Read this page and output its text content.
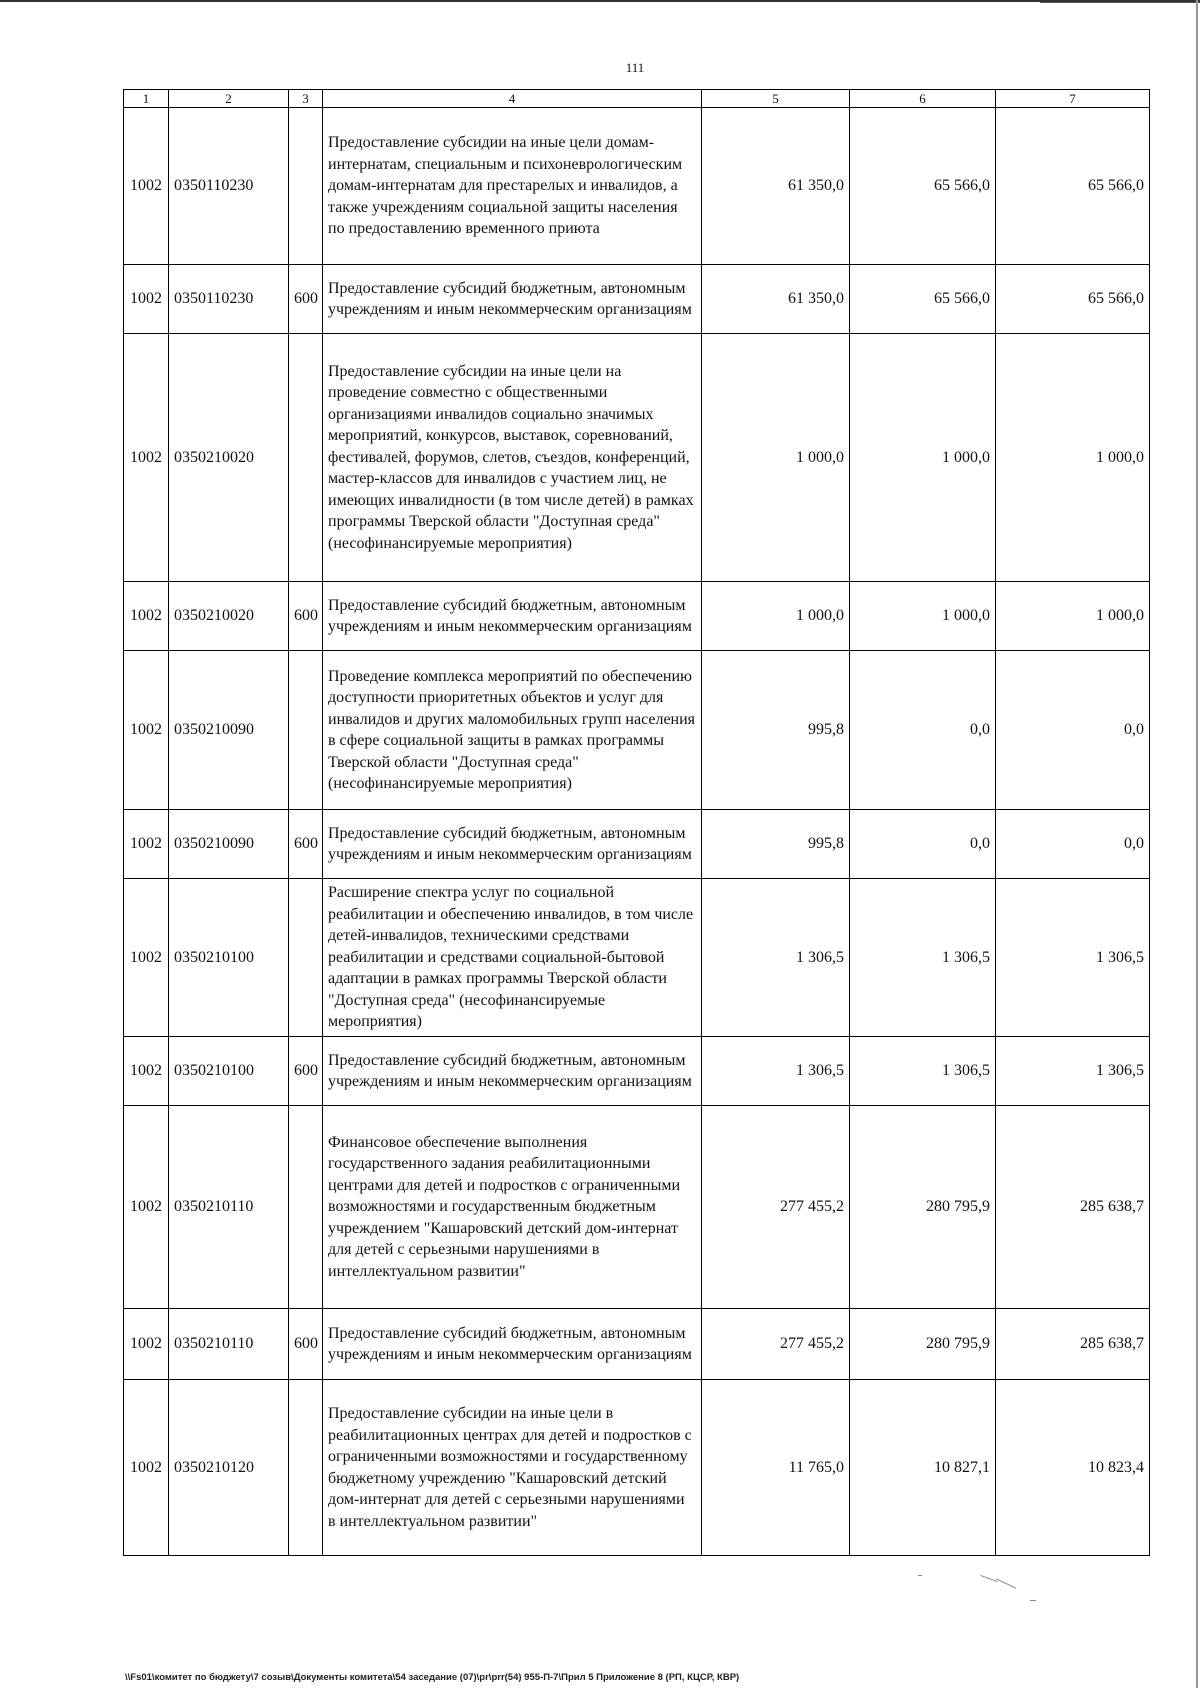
111
1	2	3	4	5	6	7
1002	0350110230		Предоставление субсидии на иные цели домам-интернатам, специальным и психоневрологическим домам-интернатам для престарелых и инвалидов, а также учреждениям социальной защиты населения по предоставлению временного приюта	61 350,0	65 566,0	65 566,0
1002	0350110230	600	Предоставление субсидий бюджетным, автономным учреждениям и иным некоммерческим организациям	61 350,0	65 566,0	65 566,0
1002	0350210020		Предоставление субсидии на иные цели на проведение совместно с общественными организациями инвалидов социально значимых мероприятий, конкурсов, выставок, соревнований, фестивалей, форумов, слетов, съездов, конференций, мастер-классов для инвалидов с участием лиц, не имеющих инвалидности (в том числе детей) в рамках программы Тверской области "Доступная среда" (несофинансируемые мероприятия)	1 000,0	1 000,0	1 000,0
1002	0350210020	600	Предоставление субсидий бюджетным, автономным учреждениям и иным некоммерческим организациям	1 000,0	1 000,0	1 000,0
1002	0350210090		Проведение комплекса мероприятий по обеспечению доступности приоритетных объектов и услуг для инвалидов и других маломобильных групп населения в сфере социальной защиты в рамках программы Тверской области "Доступная среда" (несофинансируемые мероприятия)	995,8	0,0	0,0
1002	0350210090	600	Предоставление субсидий бюджетным, автономным учреждениям и иным некоммерческим организациям	995,8	0,0	0,0
1002	0350210100		Расширение спектра услуг по социальной реабилитации и обеспечению инвалидов, в том числе детей-инвалидов, техническими средствами реабилитации и средствами социальной-бытовой адаптации в рамках программы Тверской области "Доступная среда" (несофинансируемые мероприятия)	1 306,5	1 306,5	1 306,5
1002	0350210100	600	Предоставление субсидий бюджетным, автономным учреждениям и иным некоммерческим организациям	1 306,5	1 306,5	1 306,5
1002	0350210110		Финансовое обеспечение выполнения государственного задания реабилитационными центрами для детей и подростков с ограниченными возможностями и государственным бюджетным учреждением "Кашаровский детский дом-интернат для детей с серьезными нарушениями в интеллектуальном развитии"	277 455,2	280 795,9	285 638,7
1002	0350210110	600	Предоставление субсидий бюджетным, автономным учреждениям и иным некоммерческим организациям	277 455,2	280 795,9	285 638,7
1002	0350210120		Предоставление субсидии на иные цели в реабилитационных центрах для детей и подростков с ограниченными возможностями и государственному бюджетному учреждению "Кашаровский детский дом-интернат для детей с серьезными нарушениями в интеллектуальном развитии"	11 765,0	10 827,1	10 823,4
\\Fs01\комитет по бюджету\7 созыв\Документы комитета\54 заседание (07)\pr\prr(54) 955-П-7\Прил 5 Приложение 8 (РП, КЦСР, КВР)
